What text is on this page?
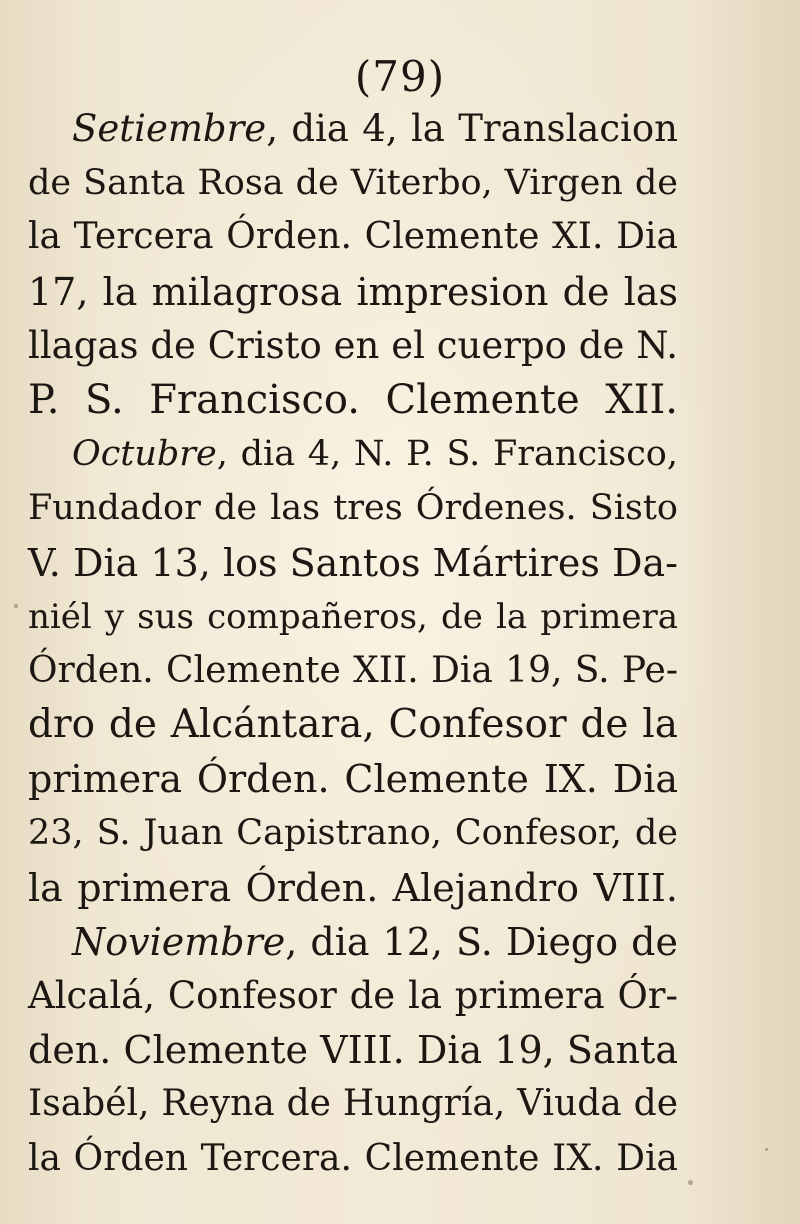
(79)
Setiembre, dia 4, la Translacion
de Santa Rosa de Viterbo, Virgen de
la Tercera Órden. Clemente XI. Dia
17, la milagrosa impresion de las
llagas de Cristo en el cuerpo de N.
P. S. Francisco. Clemente XII.
Octubre, dia 4, N. P. S. Francisco,
Fundador de las tres Órdenes. Sisto
V. Dia 13, los Santos Mártires Da-
niél y sus compañeros, de la primera
Órden. Clemente XII. Dia 19, S. Pe-
dro de Alcántara, Confesor de la
primera Órden. Clemente IX. Dia
23, S. Juan Capistrano, Confesor, de
la primera Órden. Alejandro VIII.
Noviembre, dia 12, S. Diego de
Alcalá, Confesor de la primera Ór-
den. Clemente VIII. Dia 19, Santa
Isabél, Reyna de Hungría, Viuda de
la Órden Tercera. Clemente IX. Dia
